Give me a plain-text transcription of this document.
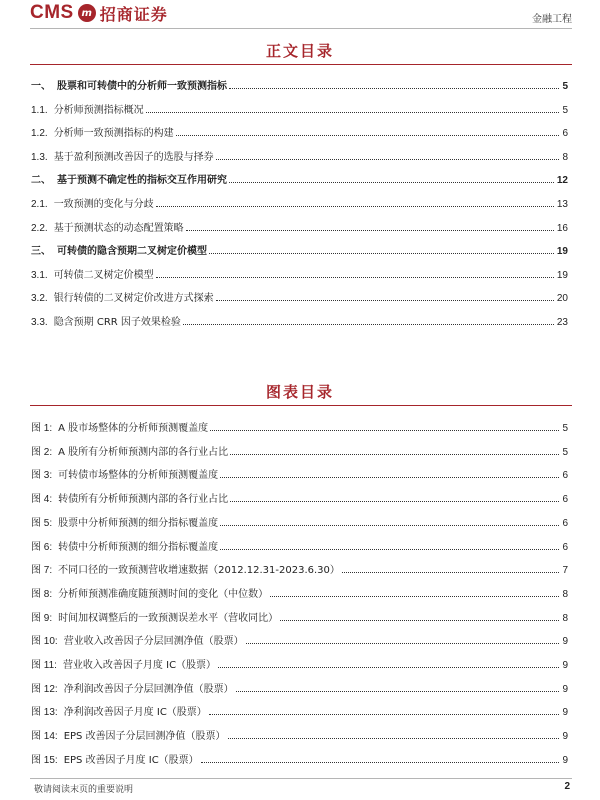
CMS m 招商证券	金融工程
正文目录
一、 股票和可转债中的分析师一致预测指标	5
1.1. 分析师预测指标概况	5
1.2. 分析师一致预测指标的构建	6
1.3. 基于盈利预测改善因子的选股与择券	8
二、 基于预测不确定性的指标交互作用研究	12
2.1. 一致预测的变化与分歧	13
2.2. 基于预测状态的动态配置策略	16
三、 可转债的隐含预期二叉树定价模型	19
3.1. 可转债二叉树定价模型	19
3.2. 银行转债的二叉树定价改进方式探索	20
3.3. 隐含预期 CRR 因子效果检验	23
图表目录
图 1: A 股市场整体的分析师预测覆盖度	5
图 2: A 股所有分析师预测内部的各行业占比	5
图 3: 可转债市场整体的分析师预测覆盖度	6
图 4: 转债所有分析师预测内部的各行业占比	6
图 5: 股票中分析师预测的细分指标覆盖度	6
图 6: 转债中分析师预测的细分指标覆盖度	6
图 7: 不同口径的一致预测营收增速数据（2012.12.31-2023.6.30）	7
图 8: 分析师预测准确度随预测时间的变化（中位数）	8
图 9: 时间加权调整后的一致预测误差水平（营收同比）	8
图 10: 营业收入改善因子分层回测净值（股票）	9
图 11: 营业收入改善因子月度 IC（股票）	9
图 12: 净利润改善因子分层回测净值（股票）	9
图 13: 净利润改善因子月度 IC（股票）	9
图 14: EPS 改善因子分层回测净值（股票）	9
图 15: EPS 改善因子月度 IC（股票）	9
敬请阅读末页的重要说明	2
